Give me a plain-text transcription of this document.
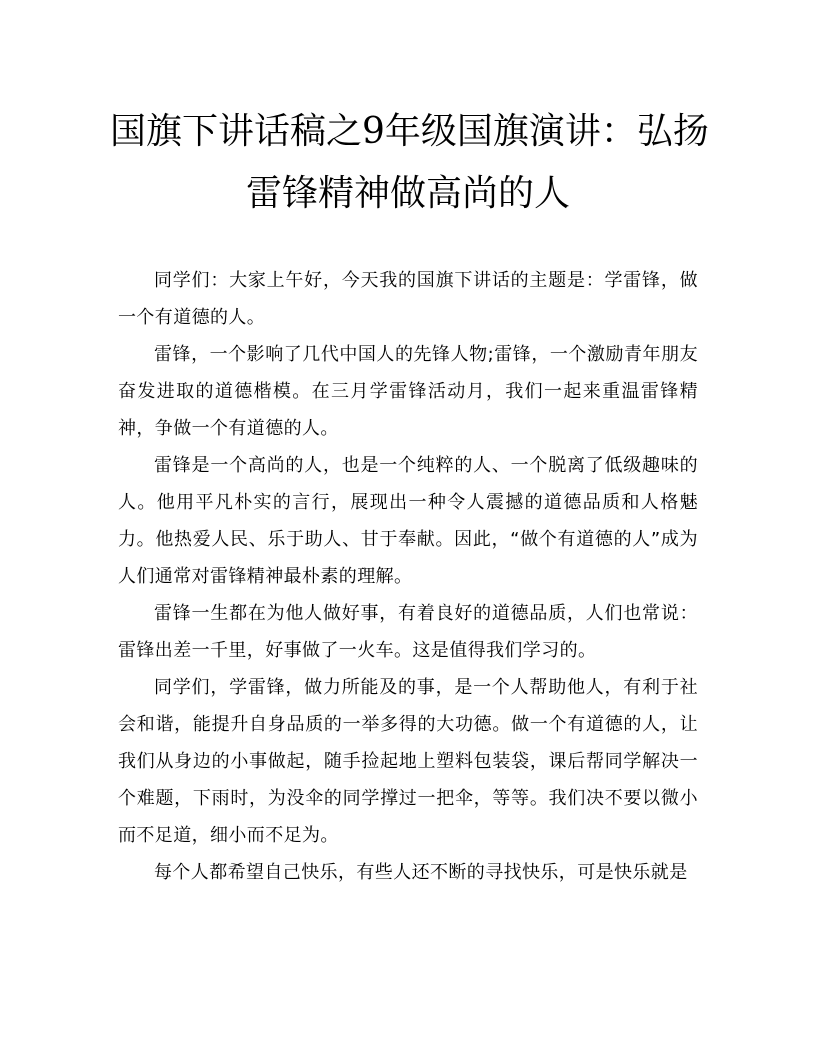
国旗下讲话稿之9年级国旗演讲：弘扬
雷锋精神做高尚的人

同学们：大家上午好，今天我的国旗下讲话的主题是：学雷锋，做一个有道德的人。

雷锋，一个影响了几代中国人的先锋人物;雷锋，一个激励青年朋友奋发进取的道德楷模。在三月学雷锋活动月，我们一起来重温雷锋精神，争做一个有道德的人。

雷锋是一个高尚的人，也是一个纯粹的人、一个脱离了低级趣味的人。他用平凡朴实的言行，展现出一种令人震撼的道德品质和人格魅力。他热爱人民、乐于助人、甘于奉献。因此，“做个有道德的人”成为人们通常对雷锋精神最朴素的理解。

雷锋一生都在为他人做好事，有着良好的道德品质，人们也常说：雷锋出差一千里，好事做了一火车。这是值得我们学习的。

同学们，学雷锋，做力所能及的事，是一个人帮助他人，有利于社会和谐，能提升自身品质的一举多得的大功德。做一个有道德的人，让我们从身边的小事做起，随手捡起地上塑料包装袋，课后帮同学解决一个难题，下雨时，为没伞的同学撑过一把伞，等等。我们决不要以微小而不足道，细小而不足为。

每个人都希望自己快乐，有些人还不断的寻找快乐，可是快乐就是
